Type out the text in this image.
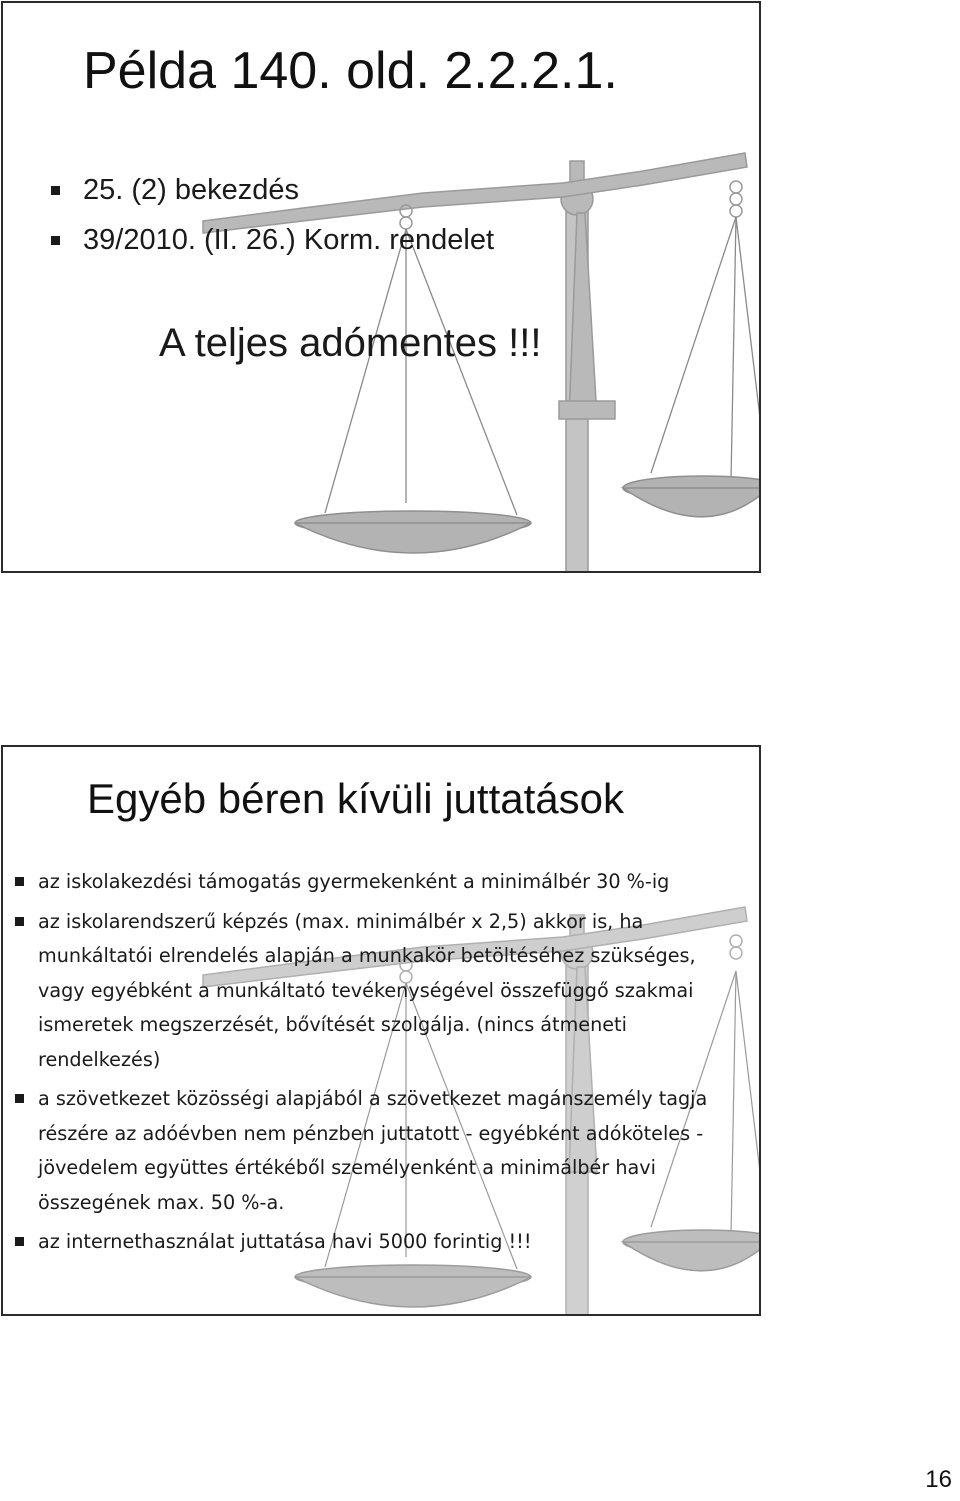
Példa 140. old. 2.2.2.1.
25. (2) bekezdés
39/2010. (II. 26.) Korm. rendelet
A teljes adómentes !!!
Egyéb béren kívüli juttatások
az iskolakezdési támogatás gyermekenként a minimálbér 30 %-ig
az iskolarendszerű képzés (max. minimálbér x 2,5) akkor is, ha munkáltatói elrendelés alapján a munkakör betöltéséhez szükséges, vagy egyébként a munkáltató tevékenységével összefüggő szakmai ismeretek megszerzését, bővítését szolgálja. (nincs átmeneti rendelkezés)
a szövetkezet közösségi alapjából a szövetkezet magánszemély tagja részére az adóévben nem pénzben juttatott - egyébként adóköteles - jövedelem együttes értékéből személyenként a minimálbér havi összegének max. 50 %-a.
az internethasználat juttatása havi 5000 forintig !!!
16
